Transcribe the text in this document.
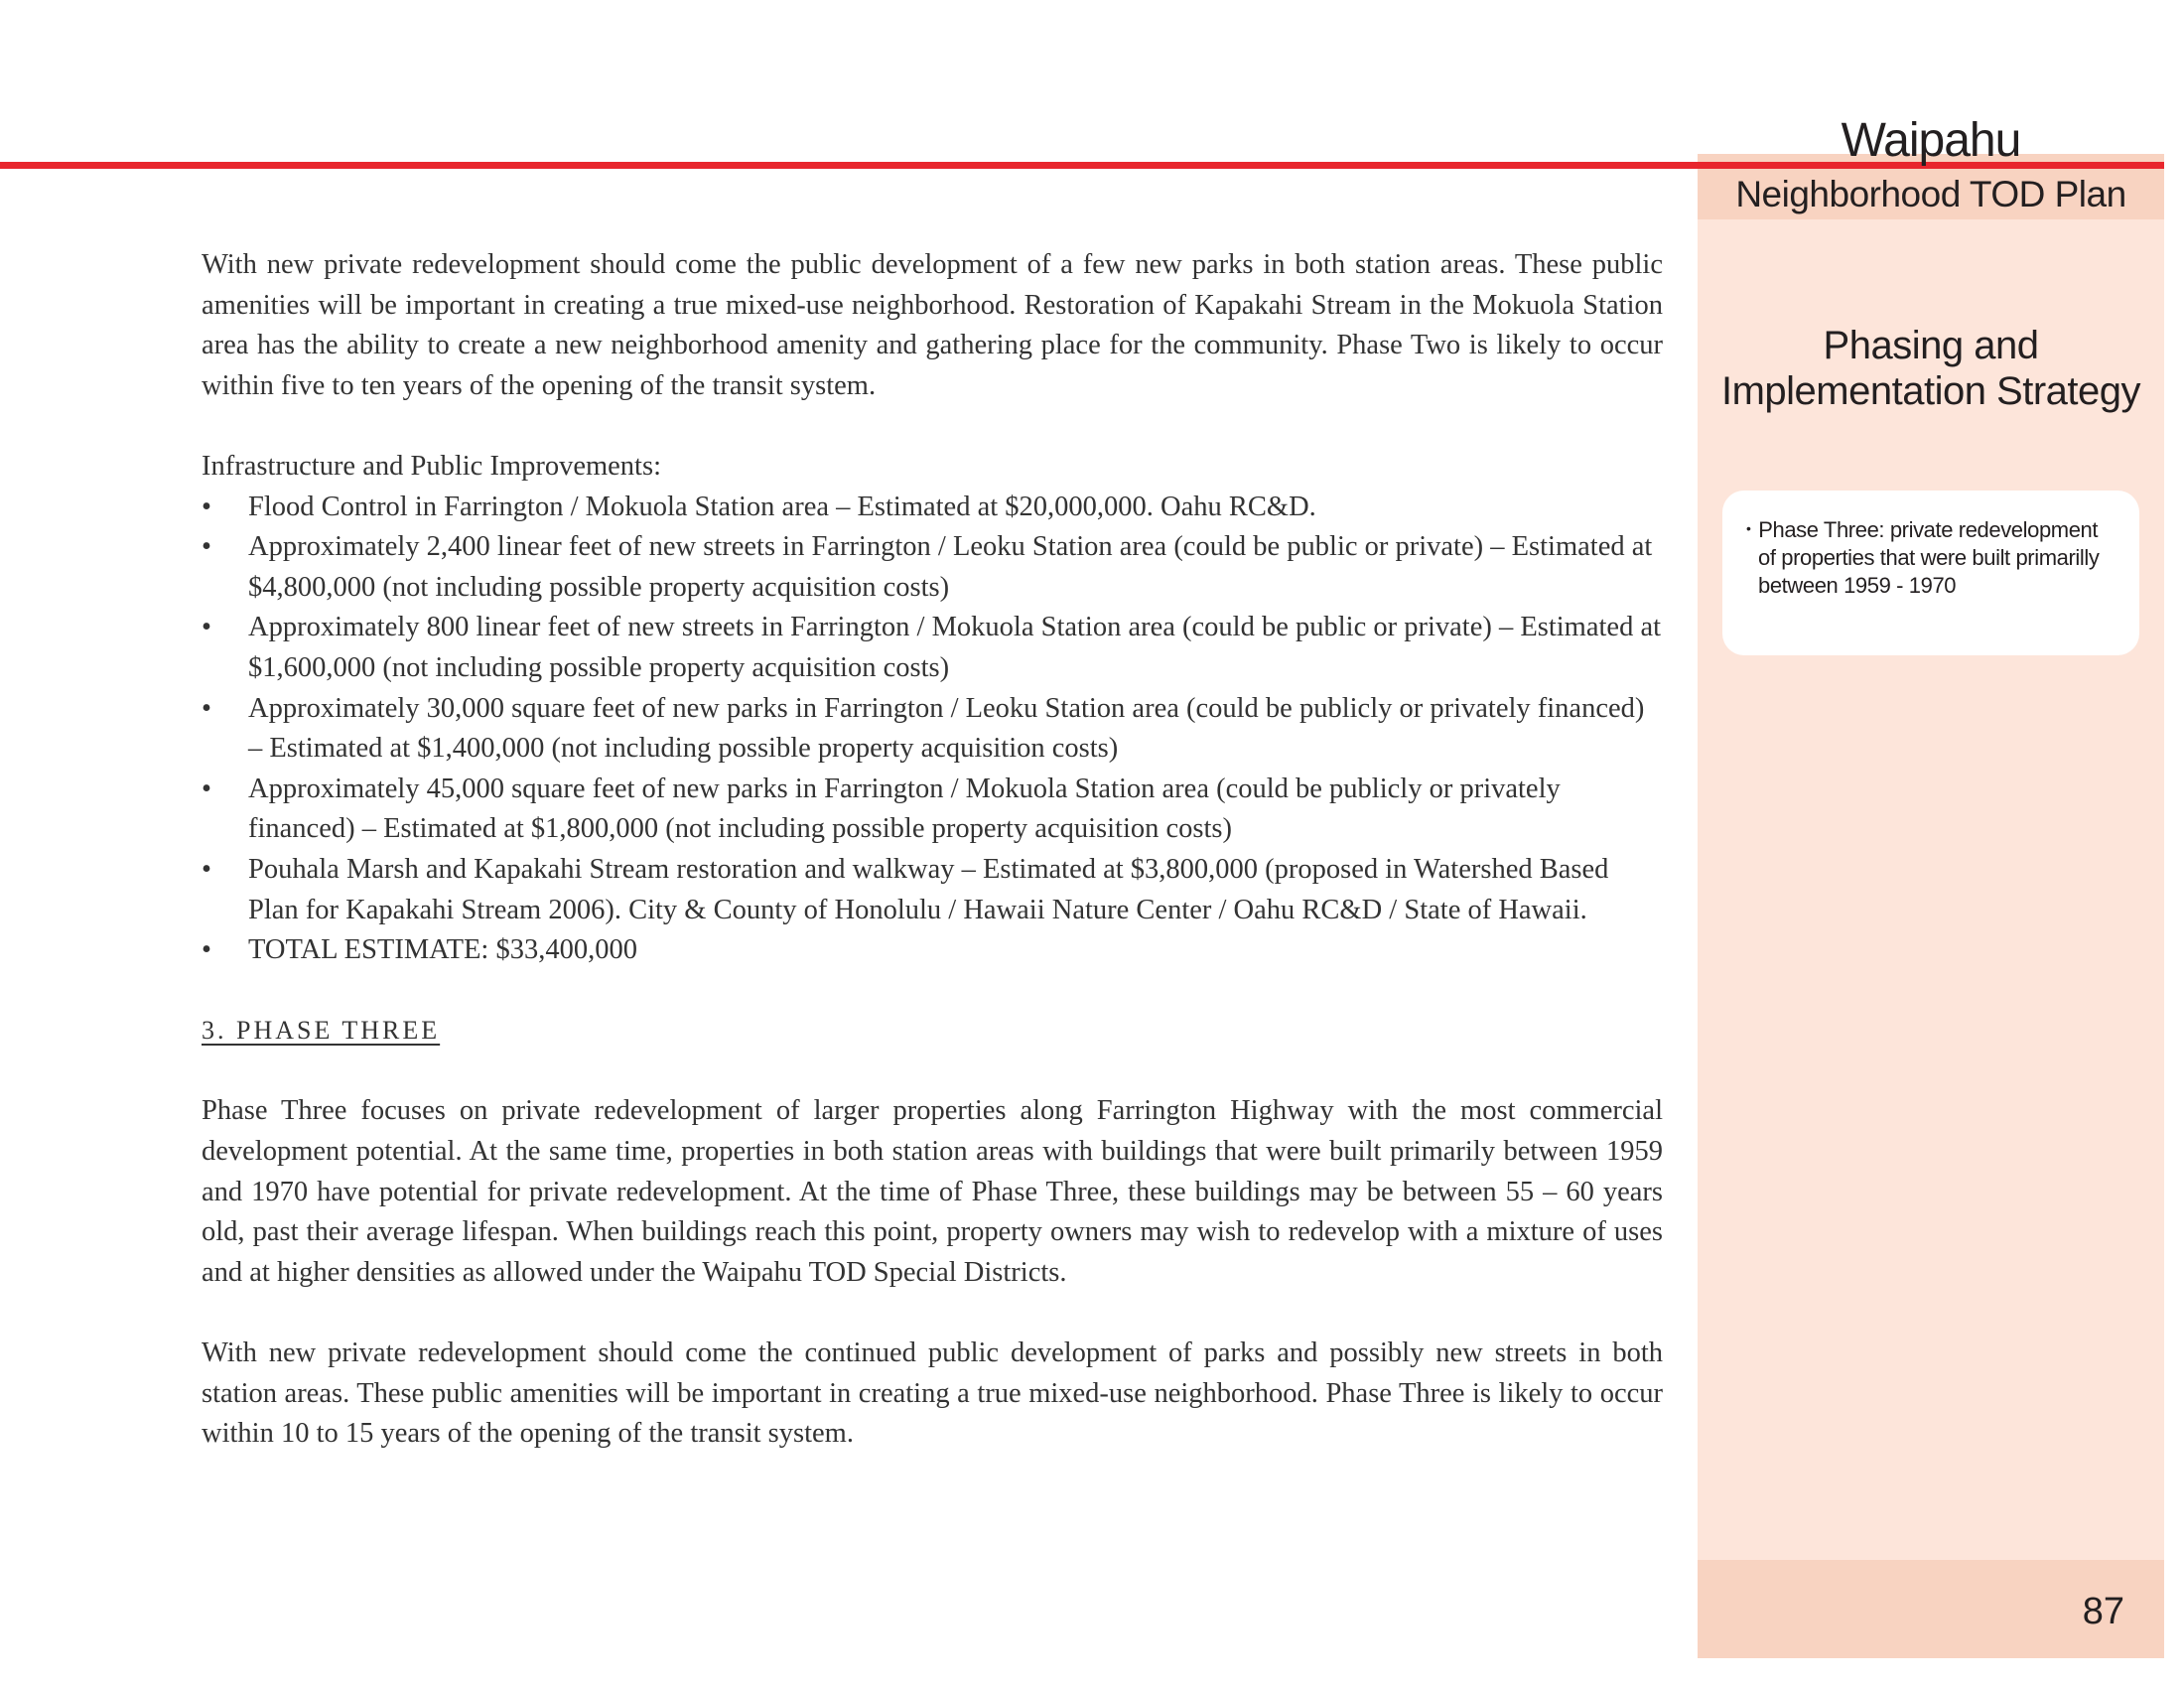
Waipahu
Neighborhood TOD Plan
Phasing and Implementation Strategy
• Phase Three: private redevelopment of properties that were built primarilly between 1959 - 1970
87

With new private redevelopment should come the public development of a few new parks in both station areas. These public amenities will be important in creating a true mixed-use neighborhood. Restoration of Kapakahi Stream in the Mokuola Station area has the ability to create a new neighborhood amenity and gathering place for the community. Phase Two is likely to occur within five to ten years of the opening of the transit system.

Infrastructure and Public Improvements:

• Flood Control in Farrington / Mokuola Station area – Estimated at $20,000,000. Oahu RC&D.
• Approximately 2,400 linear feet of new streets in Farrington / Leoku Station area (could be public or private) – Estimated at $4,800,000 (not including possible property acquisition costs)
• Approximately 800 linear feet of new streets in Farrington / Mokuola Station area (could be public or private) – Estimated at $1,600,000 (not including possible property acquisition costs)
• Approximately 30,000 square feet of new parks in Farrington / Leoku Station area (could be publicly or privately financed) – Estimated at $1,400,000 (not including possible property acquisition costs)
• Approximately 45,000 square feet of new parks in Farrington / Mokuola Station area (could be publicly or privately financed) – Estimated at $1,800,000 (not including possible property acquisition costs)
• Pouhala Marsh and Kapakahi Stream restoration and walkway – Estimated at $3,800,000 (proposed in Watershed Based Plan for Kapakahi Stream 2006). City & County of Honolulu / Hawaii Nature Center / Oahu RC&D / State of Hawaii.
• TOTAL ESTIMATE: $33,400,000

3. PHASE THREE

Phase Three focuses on private redevelopment of larger properties along Farrington Highway with the most commercial development potential. At the same time, properties in both station areas with buildings that were built primarily between 1959 and 1970 have potential for private redevelopment. At the time of Phase Three, these buildings may be between 55 – 60 years old, past their average lifespan. When buildings reach this point, property owners may wish to redevelop with a mixture of uses and at higher densities as allowed under the Waipahu TOD Special Districts.

With new private redevelopment should come the continued public development of parks and possibly new streets in both station areas. These public amenities will be important in creating a true mixed-use neighborhood. Phase Three is likely to occur within 10 to 15 years of the opening of the transit system.
